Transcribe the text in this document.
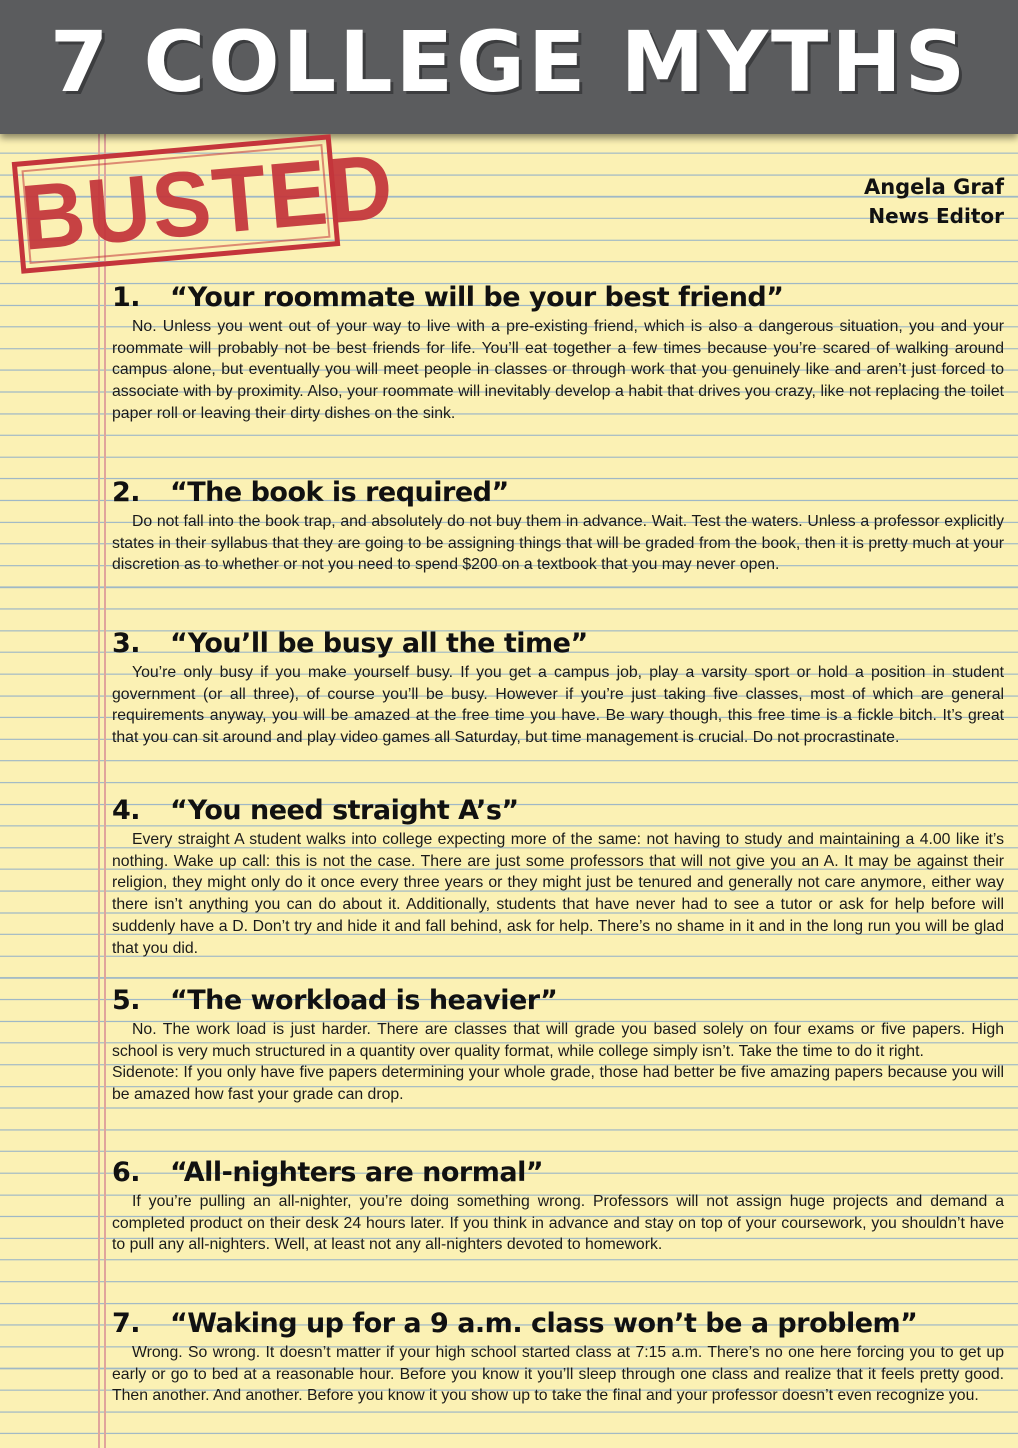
7 COLLEGE MYTHS
BUSTED	Angela Graf
News Editor
1. “Your roommate will be your best friend”

No. Unless you went out of your way to live with a pre-existing friend, which is also a dangerous situation, you and your roommate will probably not be best friends for life. You’ll eat together a few times because you’re scared of walking around campus alone, but eventually you will meet people in classes or through work that you genuinely like and aren’t just forced to associate with by proximity. Also, your roommate will inevitably develop a habit that drives you crazy, like not replacing the toilet paper roll or leaving their dirty dishes on the sink.

2. “The book is required”

Do not fall into the book trap, and absolutely do not buy them in advance. Wait. Test the waters. Unless a professor explicitly states in their syllabus that they are going to be assigning things that will be graded from the book, then it is pretty much at your discretion as to whether or not you need to spend $200 on a textbook that you may never open.

3. “You’ll be busy all the time”

You’re only busy if you make yourself busy. If you get a campus job, play a varsity sport or hold a position in student government (or all three), of course you’ll be busy. However if you’re just taking five classes, most of which are general requirements anyway, you will be amazed at the free time you have. Be wary though, this free time is a fickle bitch. It’s great that you can sit around and play video games all Saturday, but time management is crucial. Do not procrastinate.

4. “You need straight A’s”

Every straight A student walks into college expecting more of the same: not having to study and maintaining a 4.00 like it’s nothing. Wake up call: this is not the case. There are just some professors that will not give you an A. It may be against their religion, they might only do it once every three years or they might just be tenured and generally not care anymore, either way there isn’t anything you can do about it. Additionally, students that have never had to see a tutor or ask for help before will suddenly have a D. Don’t try and hide it and fall behind, ask for help. There’s no shame in it and in the long run you will be glad that you did.

5. “The workload is heavier”

No. The work load is just harder. There are classes that will grade you based solely on four exams or five papers. High school is very much structured in a quantity over quality format, while college simply isn’t. Take the time to do it right.

Sidenote: If you only have five papers determining your whole grade, those had better be five amazing papers because you will be amazed how fast your grade can drop.

6. “All-nighters are normal”

If you’re pulling an all-nighter, you’re doing something wrong. Professors will not assign huge projects and demand a completed product on their desk 24 hours later. If you think in advance and stay on top of your coursework, you shouldn’t have to pull any all-nighters. Well, at least not any all-nighters devoted to homework.

7. “Waking up for a 9 a.m. class won’t be a problem”

Wrong. So wrong. It doesn’t matter if your high school started class at 7:15 a.m. There’s no one here forcing you to get up early or go to bed at a reasonable hour. Before you know it you’ll sleep through one class and realize that it feels pretty good. Then another. And another. Before you know it you show up to take the final and your professor doesn’t even recognize you.
